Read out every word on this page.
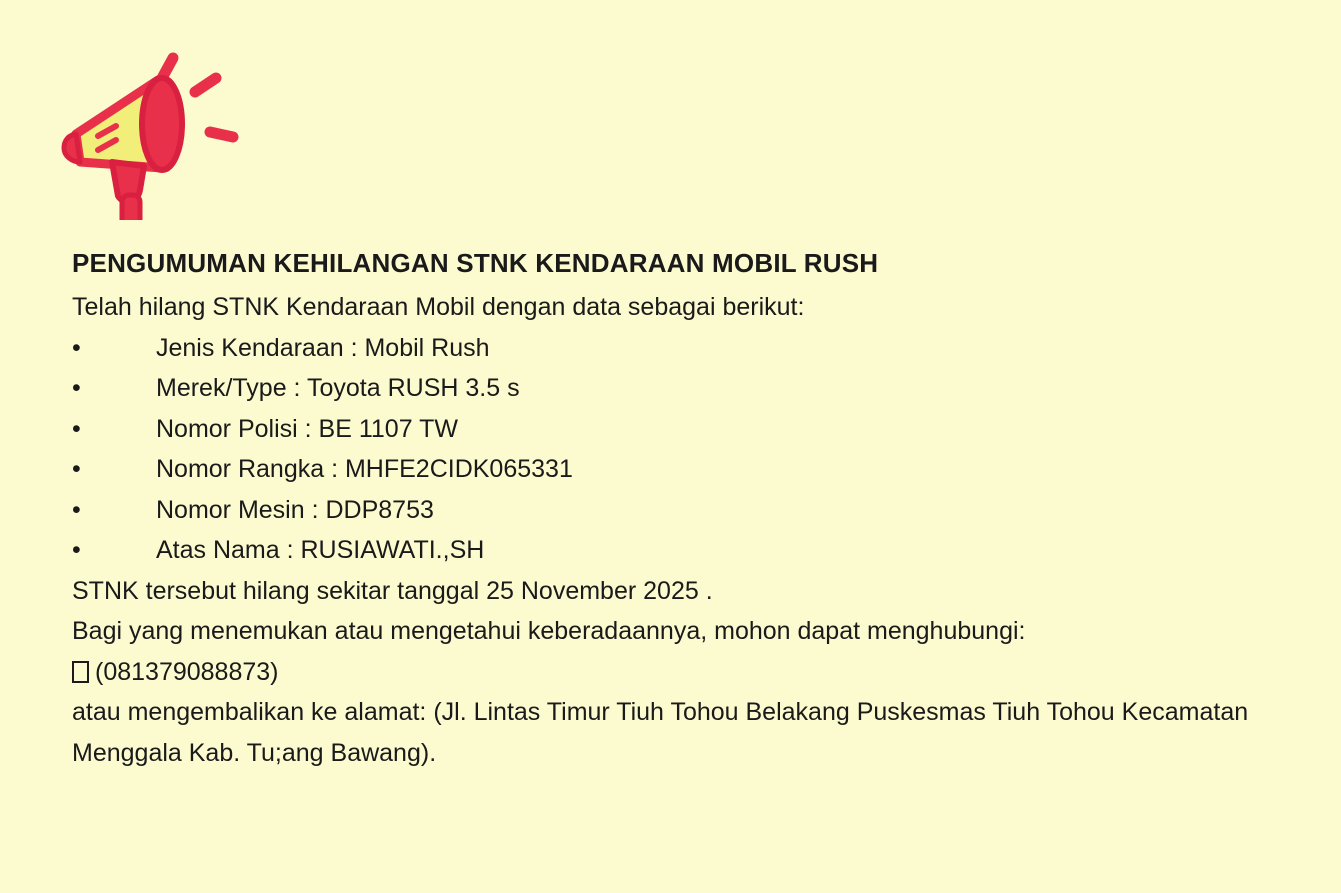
PENGUMUMAN KEHILANGAN STNK KENDARAAN MOBIL RUSH

Telah hilang STNK Kendaraan Mobil dengan data sebagai berikut:

•	Jenis Kendaraan : Mobil Rush
•	Merek/Type : Toyota RUSH 3.5 s
•	Nomor Polisi : BE 1107 TW
•	Nomor Rangka : MHFE2CIDK065331
•	Nomor Mesin : DDP8753
•	Atas Nama : RUSIAWATI.,SH

STNK tersebut hilang sekitar tanggal 25 November 2025 .

Bagi yang menemukan atau mengetahui keberadaannya, mohon dapat menghubungi:

(081379088873)

atau mengembalikan ke alamat: (Jl. Lintas Timur Tiuh Tohou Belakang Puskesmas Tiuh Tohou Kecamatan Menggala Kab. Tu;ang Bawang).
